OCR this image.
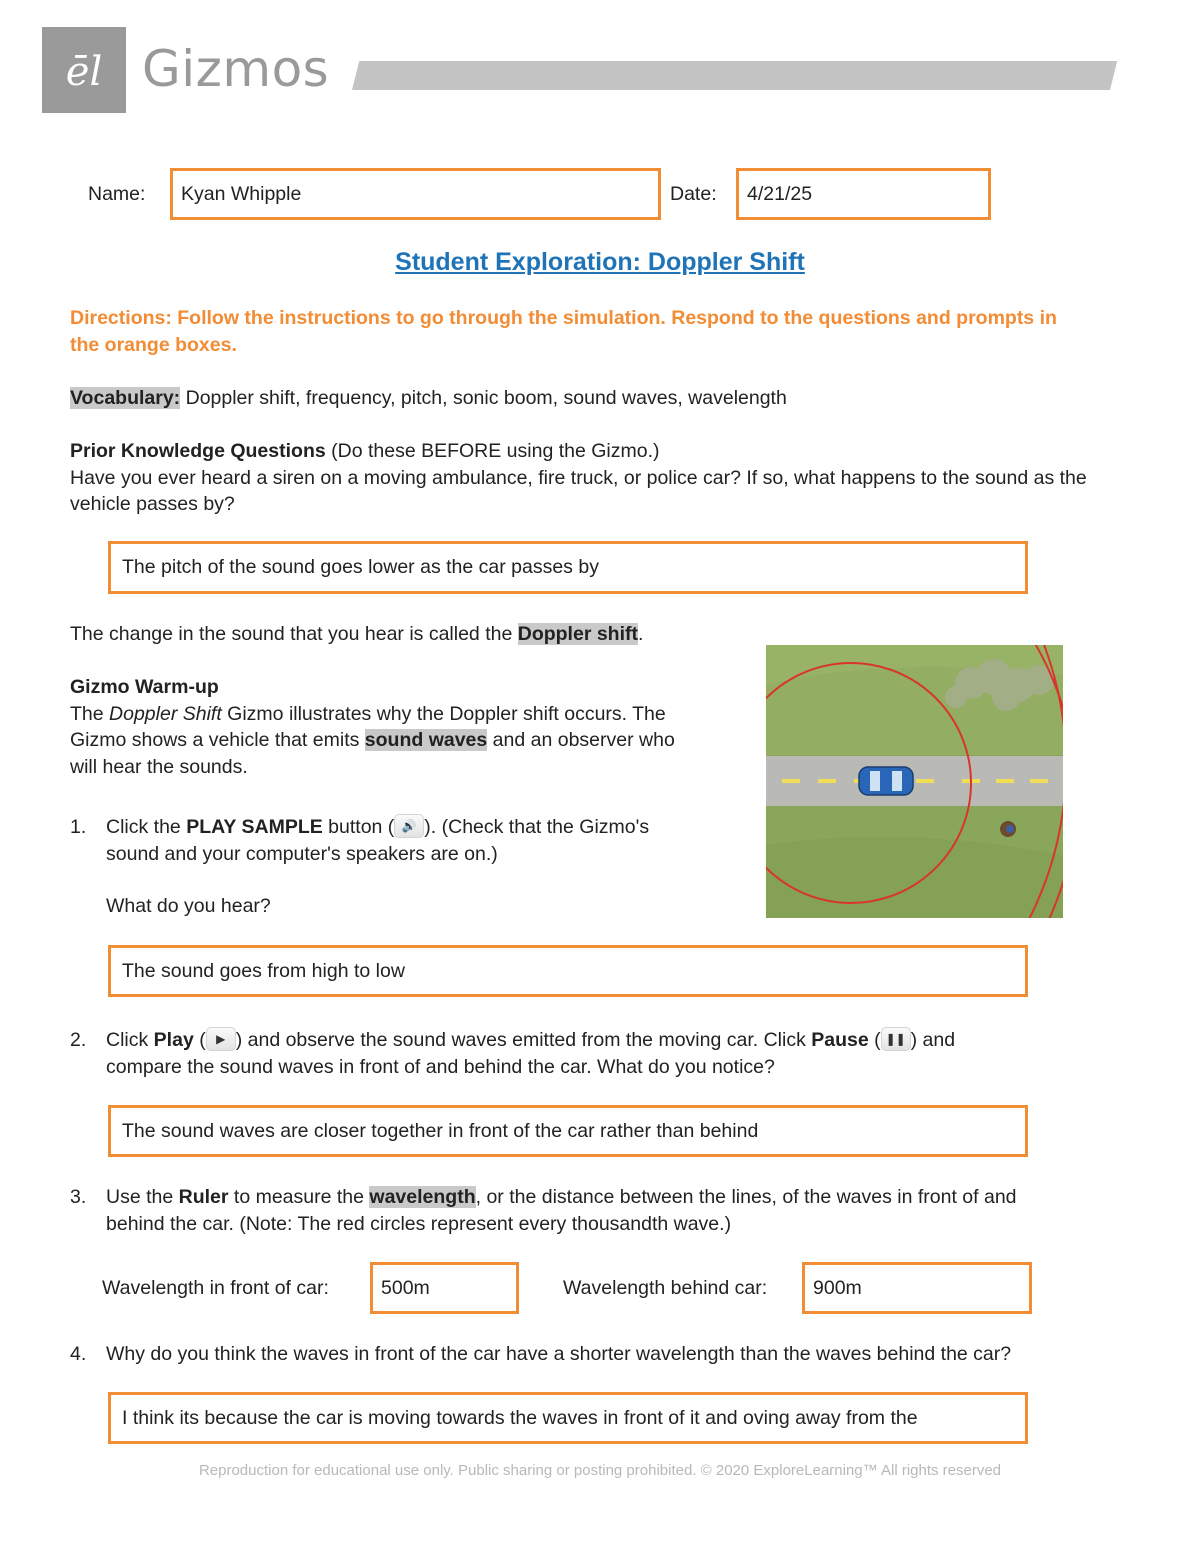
ēl Gizmos
Name: Kyan Whipple	Date: 4/21/25
Student Exploration: Doppler Shift
Directions: Follow the instructions to go through the simulation. Respond to the questions and prompts in the orange boxes.
Vocabulary: Doppler shift, frequency, pitch, sonic boom, sound waves, wavelength
Prior Knowledge Questions (Do these BEFORE using the Gizmo.)
Have you ever heard a siren on a moving ambulance, fire truck, or police car? If so, what happens to the sound as the vehicle passes by?
The pitch of the sound goes lower as the car passes by
The change in the sound that you hear is called the Doppler shift.
Gizmo Warm-up
The Doppler Shift Gizmo illustrates why the Doppler shift occurs. The
Gizmo shows a vehicle that emits sound waves and an observer who
will hear the sounds.
1. Click the PLAY SAMPLE button ( 🔊 ). (Check that the Gizmo's
sound and your computer's speakers are on.)
What do you hear?
The sound goes from high to low
2. Click Play ( ▶ ) and observe the sound waves emitted from the moving car. Click Pause ( ❚❚ ) and
compare the sound waves in front of and behind the car. What do you notice?
The sound waves are closer together in front of the car rather than behind
3. Use the Ruler to measure the wavelength, or the distance between the lines, of the waves in front of and
behind the car. (Note: The red circles represent every thousandth wave.)
Wavelength in front of car:	500m	Wavelength behind car: 900m
4. Why do you think the waves in front of the car have a shorter wavelength than the waves behind the car?
I think its because the car is moving towards the waves in front of it and oving away from the
Reproduction for educational use only. Public sharing or posting prohibited. © 2020 ExploreLearning™ All rights reserved
